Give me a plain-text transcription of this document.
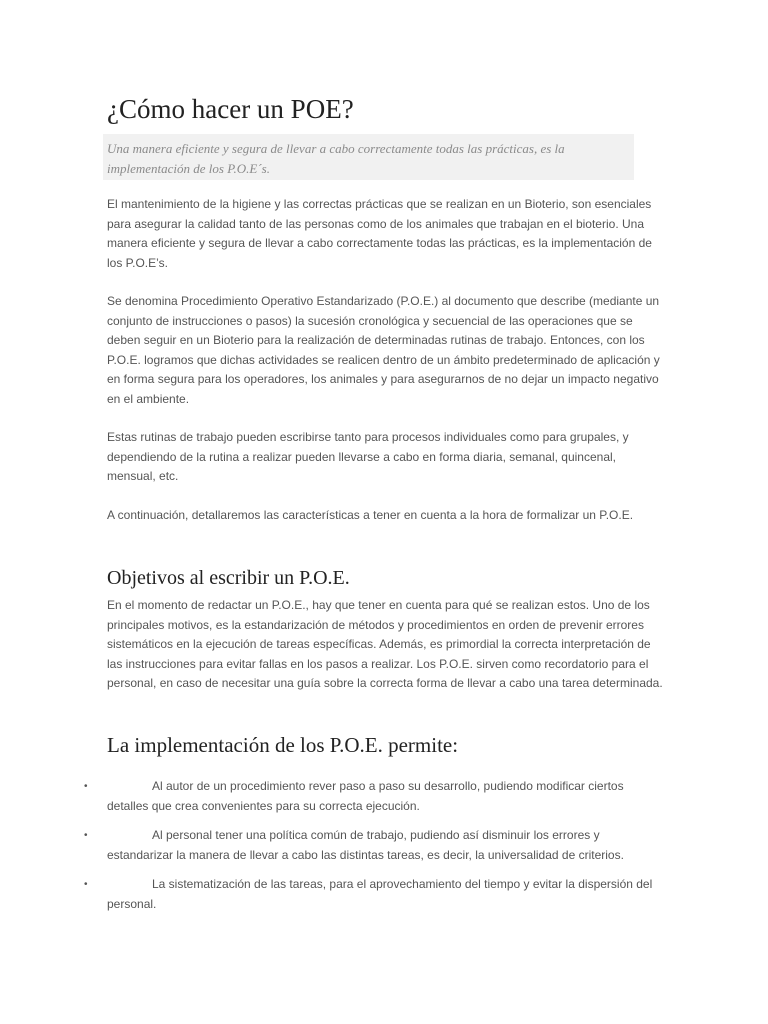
¿Cómo hacer un POE?

Una manera eficiente y segura de llevar a cabo correctamente todas las prácticas, es la implementación de los P.O.E´s.

El mantenimiento de la higiene y las correctas prácticas que se realizan en un Bioterio, son esenciales para asegurar la calidad tanto de las personas como de los animales que trabajan en el bioterio. Una manera eficiente y segura de llevar a cabo correctamente todas las prácticas, es la implementación de los P.O.E’s.

Se denomina Procedimiento Operativo Estandarizado (P.O.E.) al documento que describe (mediante un conjunto de instrucciones o pasos) la sucesión cronológica y secuencial de las operaciones que se deben seguir en un Bioterio para la realización de determinadas rutinas de trabajo. Entonces, con los P.O.E. logramos que dichas actividades se realicen dentro de un ámbito predeterminado de aplicación y en forma segura para los operadores, los animales y para asegurarnos de no dejar un impacto negativo en el ambiente.

Estas rutinas de trabajo pueden escribirse tanto para procesos individuales como para grupales, y dependiendo de la rutina a realizar pueden llevarse a cabo en forma diaria, semanal, quincenal, mensual, etc.

A continuación, detallaremos las características a tener en cuenta a la hora de formalizar un P.O.E.

Objetivos al escribir un P.O.E.

En el momento de redactar un P.O.E., hay que tener en cuenta para qué se realizan estos. Uno de los principales motivos, es la estandarización de métodos y procedimientos en orden de prevenir errores sistemáticos en la ejecución de tareas específicas. Además, es primordial la correcta interpretación de las instrucciones para evitar fallas en los pasos a realizar. Los P.O.E. sirven como recordatorio para el personal, en caso de necesitar una guía sobre la correcta forma de llevar a cabo una tarea determinada.

La implementación de los P.O.E. permite:
•	Al autor de un procedimiento rever paso a paso su desarrollo, pudiendo modificar ciertos detalles que crea convenientes para su correcta ejecución.
•	Al personal tener una política común de trabajo, pudiendo así disminuir los errores y estandarizar la manera de llevar a cabo las distintas tareas, es decir, la universalidad de criterios.
•	La sistematización de las tareas, para el aprovechamiento del tiempo y evitar la dispersión del personal.
